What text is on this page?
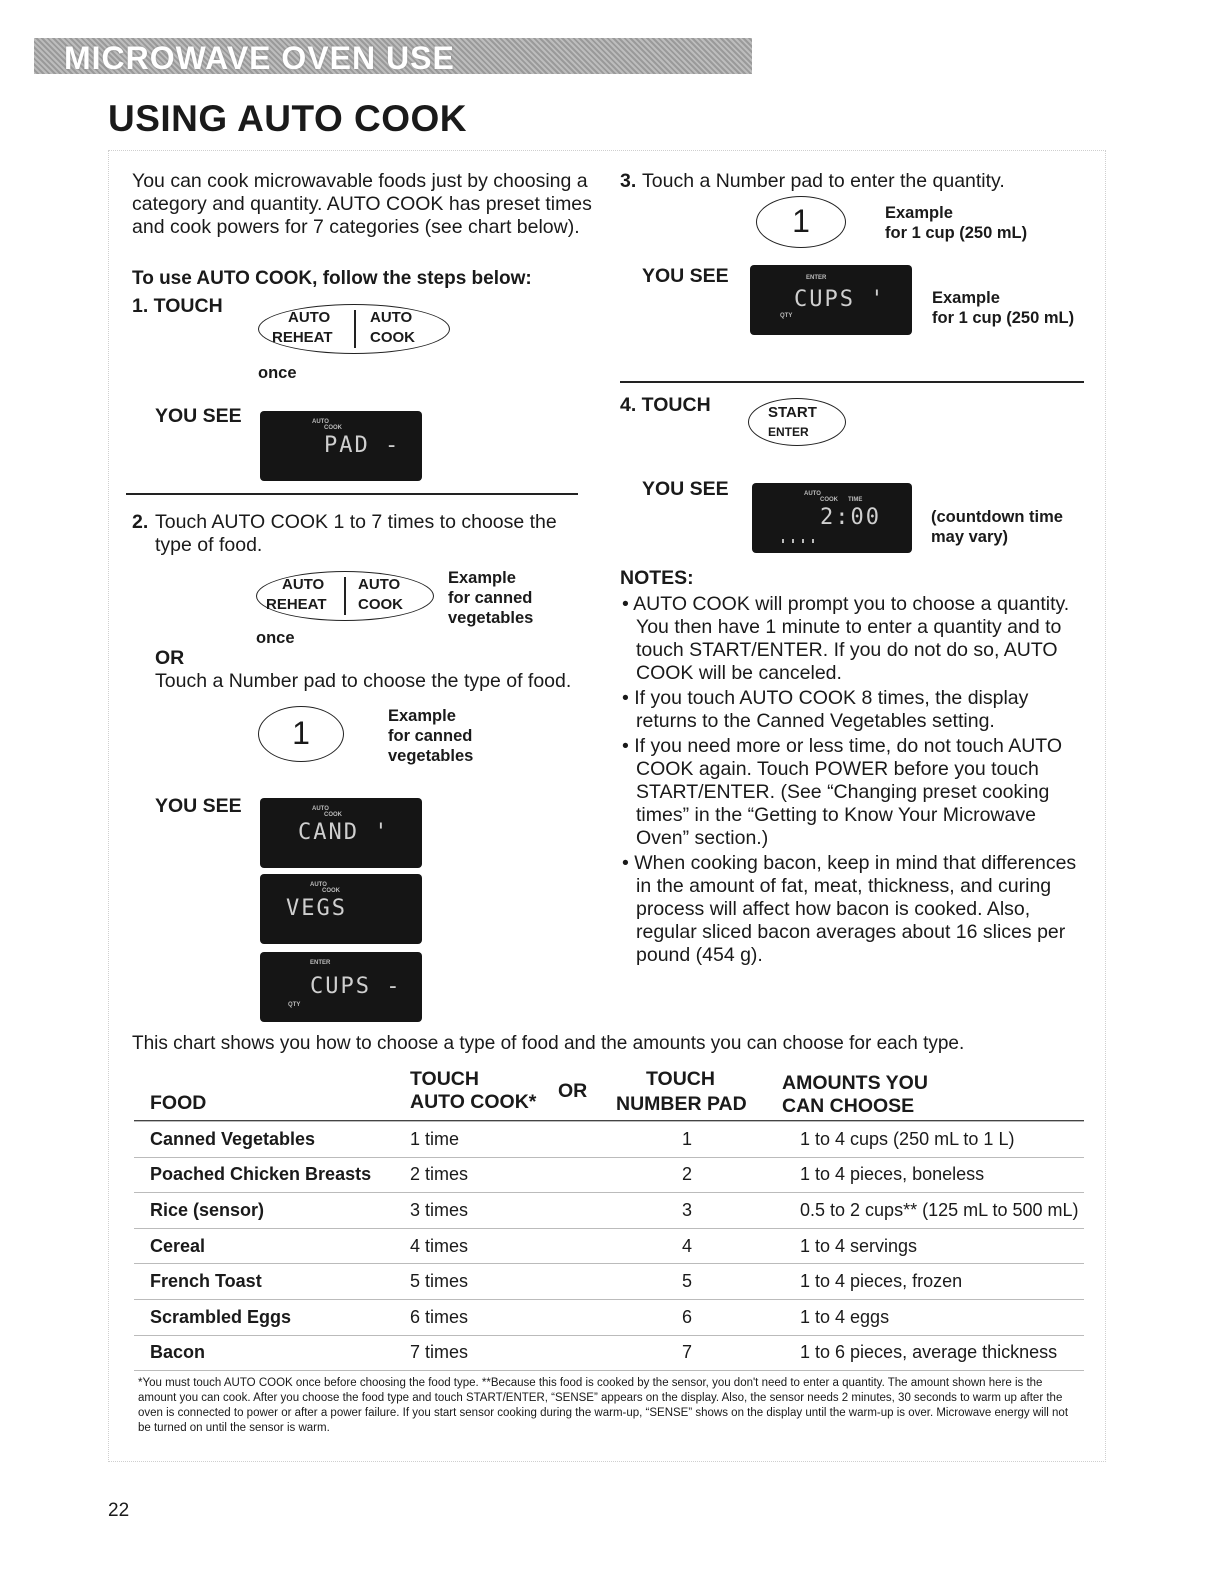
MICROWAVE OVEN USE
USING AUTO COOK
You can cook microwavable foods just by choosing a category and quantity. AUTO COOK has preset times and cook powers for 7 categories (see chart below).
To use AUTO COOK, follow the steps below:
1. TOUCH
AUTO	AUTO
REHEAT COOK
once
YOU SEE	AUTO
COOK
PAD -
2. Touch AUTO COOK 1 to 7 times to choose the type of food.
AUTO AUTO
REHEAT COOK
Example
for canned
vegetables
once
OR
Touch a Number pad to choose the type of food.
1	Example
for canned
vegetables
YOU SEE	AUTO
COOK
CAND '
AUTO
COOK
VEGS
ENTER
QTY
CUPS -
3. Touch a Number pad to enter the quantity.
1	Example
for 1 cup (250 mL)
YOU SEE	ENTER
QTY
CUPS '	Example
for 1 cup (250 mL)
4. TOUCH	START
ENTER
YOU SEE	AUTO
COOK TIME
2:00	(countdown time
may vary)
NOTES:
• AUTO COOK will prompt you to choose a quantity. You then have 1 minute to enter a quantity and to touch START/ENTER. If you do not do so, AUTO COOK will be canceled.
• If you touch AUTO COOK 8 times, the display returns to the Canned Vegetables setting.
• If you need more or less time, do not touch AUTO COOK again. Touch POWER before you touch START/ENTER. (See “Changing preset cooking times” in the “Getting to Know Your Microwave Oven” section.)
• When cooking bacon, keep in mind that differences in the amount of fat, meat, thickness, and curing process will affect how bacon is cooked. Also, regular sliced bacon averages about 16 slices per pound (454 g).
This chart shows you how to choose a type of food and the amounts you can choose for each type.
FOOD
TOUCH
AUTO COOK* OR
TOUCH
NUMBER PAD
AMOUNTS YOU
CAN CHOOSE
Canned Vegetables	1 time	1	1 to 4 cups (250 mL to 1 L)
Poached Chicken Breasts	2 times	2	1 to 4 pieces, boneless
Rice (sensor)	3 times	3	0.5 to 2 cups** (125 mL to 500 mL)
Cereal	4 times	4	1 to 4 servings
French Toast	5 times	5	1 to 4 pieces, frozen
Scrambled Eggs	6 times	6	1 to 4 eggs
Bacon	7 times	7	1 to 6 pieces, average thickness
*You must touch AUTO COOK once before choosing the food type. **Because this food is cooked by the sensor, you don't need to enter a quantity. The amount shown here is the amount you can cook. After you choose the food type and touch START/ENTER, “SENSE” appears on the display. Also, the sensor needs 2 minutes, 30 seconds to warm up after the oven is connected to power or after a power failure. If you start sensor cooking during the warm-up, “SENSE” shows on the display until the warm-up is over. Microwave energy will not be turned on until the sensor is warm.
22
